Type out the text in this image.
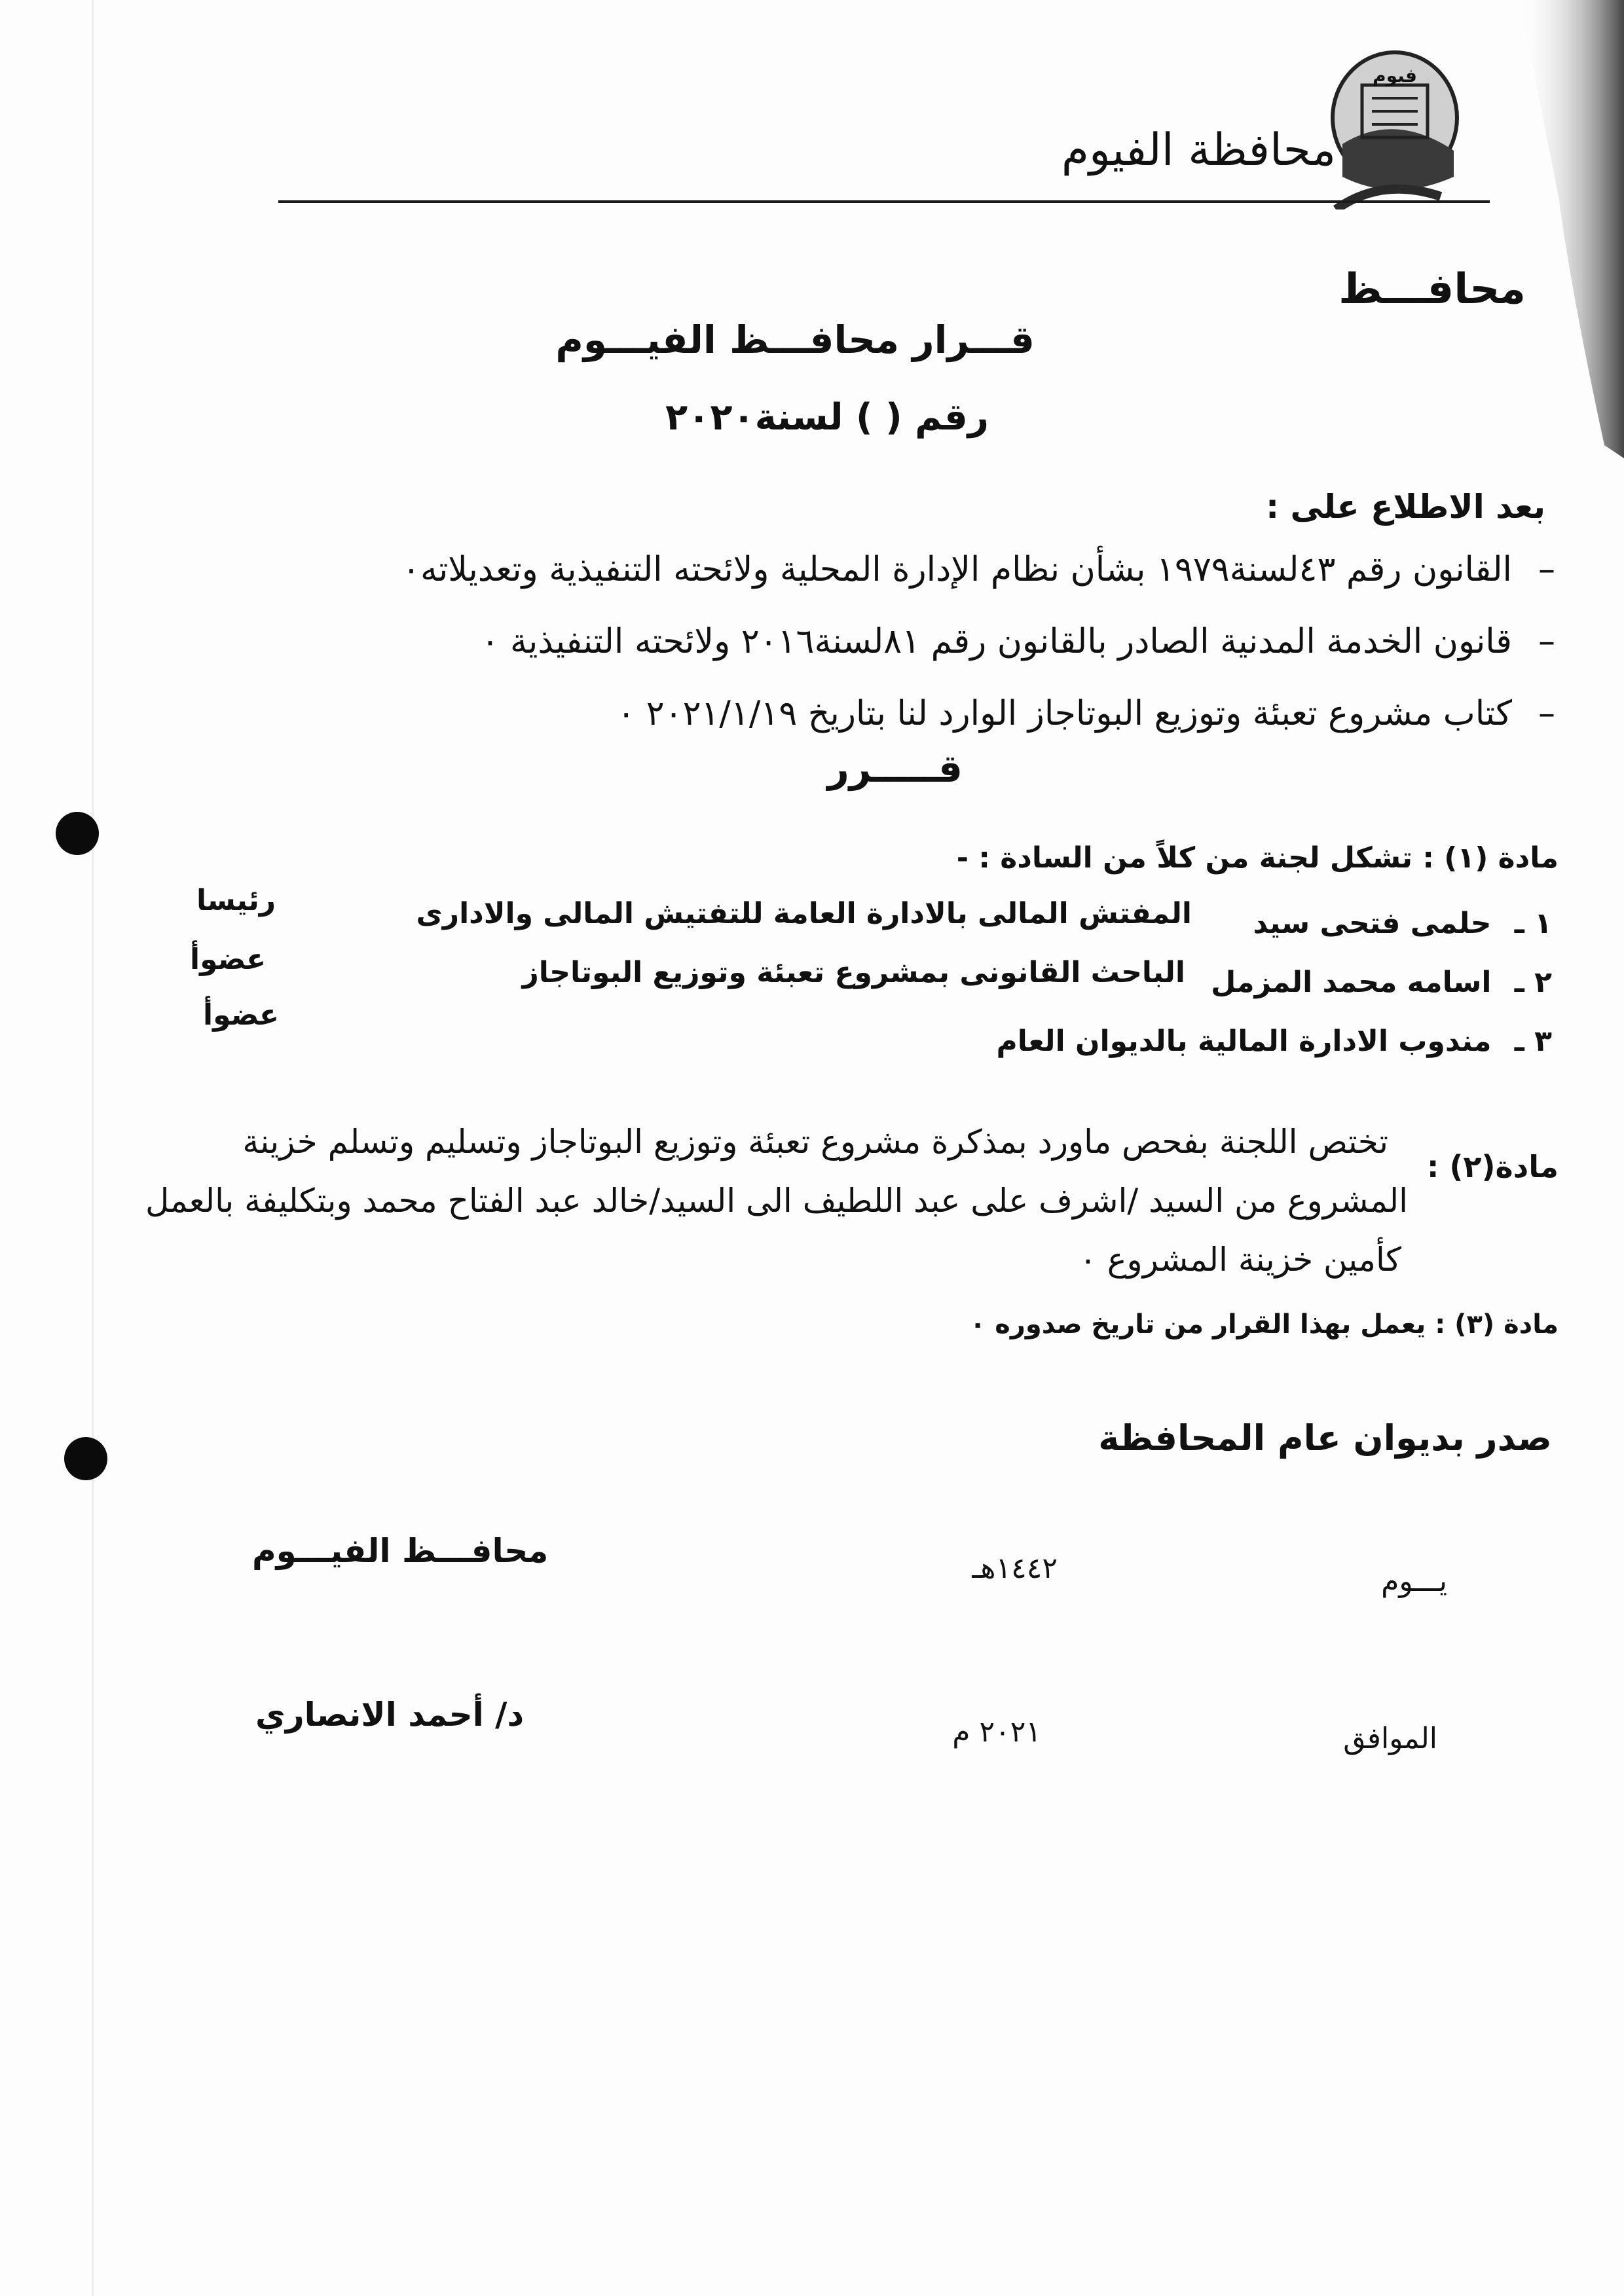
فيوم
محافظة الفيوم
محافـــظ
قـــرار محافـــظ الفيـــوم
رقم ( ) لسنة٢٠٢٠
بعد الاطلاع على :
–القانون رقم ٤٣لسنة١٩٧٩ بشأن نظام الإدارة المحلية ولائحته التنفيذية وتعديلاته٠
–قانون الخدمة المدنية الصادر بالقانون رقم ٨١لسنة٢٠١٦ ولائحته التنفيذية ٠
–كتاب مشروع تعبئة وتوزيع البوتاجاز الوارد لنا بتاريخ ٢٠٢١/١/١٩ ٠
قـــــرر
مادة (١) : تشكل لجنة من كلاً من السادة : -
١ ـ حلمى فتحى سيد
المفتش المالى بالادارة العامة للتفتيش المالى والادارى
رئيسا
٢ ـ اسامه محمد المزمل
الباحث القانونى بمشروع تعبئة وتوزيع البوتاجاز
عضوأ
٣ ـ مندوب الادارة المالية بالديوان العام
عضوأ
مادة(٢) :
تختص اللجنة بفحص ماورد بمذكرة مشروع تعبئة وتوزيع البوتاجاز وتسليم وتسلم خزينة
المشروع من السيد /اشرف على عبد اللطيف الى السيد/خالد عبد الفتاح محمد وبتكليفة بالعمل
كأمين خزينة المشروع ٠
مادة (٣) : يعمل بهذا القرار من تاريخ صدوره ٠
صدر بديوان عام المحافظة
يـــوم
١٤٤٢هـ
محافـــظ الفيـــوم
الموافق
٢٠٢١ م
د/ أحمد الانصاري
